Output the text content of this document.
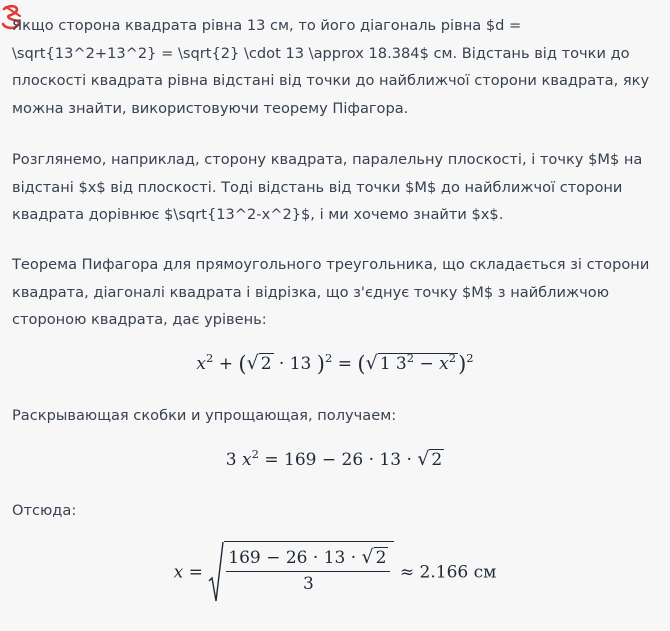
Якщо сторона квадрата рівна 13 см, то його діагональ рівна $d = \sqrt{13^2+13^2} = \sqrt{2} \cdot 13 \approx 18.384$ см. Відстань від точки до плоскості квадрата рівна відстані від точки до найближчої сторони квадрата, яку можна знайти, використовуючи теорему Піфагора.

Розглянемо, наприклад, сторону квадрата, паралельну плоскості, і точку $M$ на відстані $x$ від плоскості. Тоді відстань від точки $M$ до найближчої сторони квадрата дорівнює $\sqrt{13^2-x^2}$, і ми хочемо знайти $x$.

Теорема Пифагора для прямоугольного треугольника, що складається зі сторони квадрата, діагоналі квадрата і відрізка, що з'єднує точку $M$ з найближчою стороною квадрата, дає урівень:

$x^2$ + (√ 2 · 13 )$^2$ = (√ 1 $3^2 - x^2)^2$

Раскрывающая скобки и упрощающая, получаем:

3 $x^2 = 169 - 26 \cdot 13$ · √ 2

Отсюда:

x =
169 − 26 · 13 · √ 2
3
≈ 2.166 см
